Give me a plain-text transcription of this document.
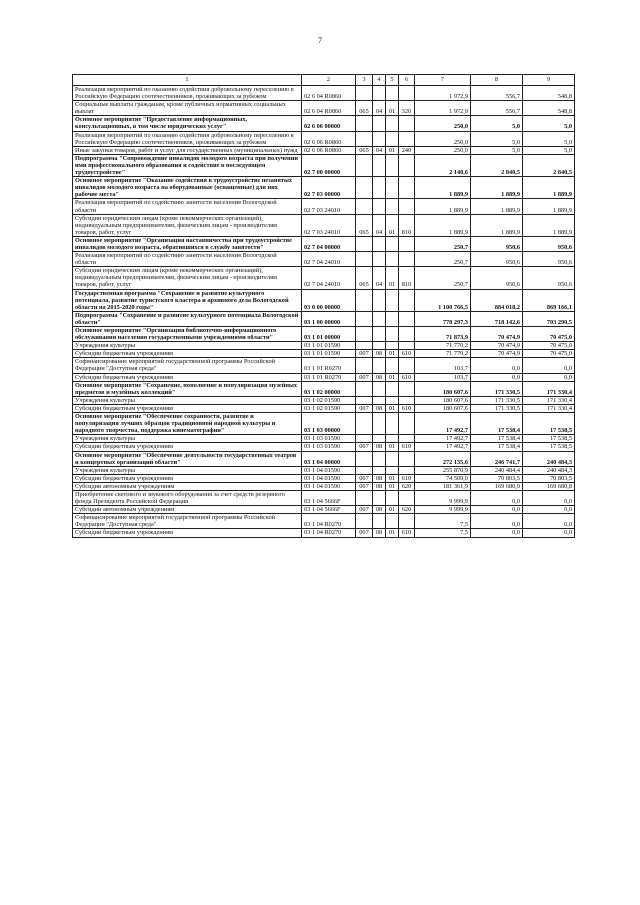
7
1	2	3	4	5	6	7	8	9
Реализация мероприятий по оказанию содействия добровольному переселению в Российскую Федерацию соотечественников, проживающих за рубежом	02 6 04 R0860					1 972,9	556,7	548,8
Социальные выплаты гражданам, кроме публичных нормативных социальных выплат	02 6 04 R0860	065	04	01	320	1 972,9	556,7	548,8
Основное мероприятие "Предоставление информационных, консультационных, в том числе юридических услуг"	02 6 06 00000					250,0	5,0	5,0
Реализация мероприятий по оказанию содействия добровольному переселению в Российскую Федерацию соотечественников, проживающих за рубежом	02 6 06 R0860					250,0	5,0	5,0
Иные закупки товаров, работ и услуг для государственных (муниципальных) нужд	02 6 06 R0860	065	04	01	240	250,0	5,0	5,0
Подпрограмма "Сопровождение инвалидов молодого возраста при получении ими профессионального образования и содействие в последующем трудоустройстве"	02 7 00 00000					2 140,6	2 840,5	2 840,5
Основное мероприятие "Оказание содействия в трудоустройстве незанятых инвалидов молодого возраста на оборудованные (оснащенные) для них рабочие места"	02 7 03 00000					1 889,9	1 889,9	1 889,9
Реализация мероприятий по содействию занятости населения Вологодской области	02 7 03 24010					1 889,9	1 889,9	1 889,9
Субсидии юридическим лицам (кроме некоммерческих организаций), индивидуальным предпринимателям, физическим лицам - производителям товаров, работ, услуг	02 7 03 24010	065	04	01	810	1 889,9	1 889,9	1 889,9
Основное мероприятие "Организация наставничества при трудоустройстве инвалидов молодого возраста, обратившихся в службу занятости"	02 7 04 00000					250,7	950,6	950,6
Реализация мероприятий по содействию занятости населения Вологодской области	02 7 04 24010					250,7	950,6	950,6
Субсидии юридическим лицам (кроме некоммерческих организаций), индивидуальным предпринимателям, физическим лицам - производителям товаров, работ, услуг	02 7 04 24010	065	04	01	810	250,7	950,6	950,6
Государственная программа "Сохранение и развитие культурного потенциала, развитие туристского кластера и архивного дела Вологодской области на 2015-2020 годы"	03 0 00 00000					1 100 766,5	884 018,2	869 166,1
Подпрограмма "Сохранение и развитие культурного потенциала Вологодской области"	03 1 00 00000					778 297,3	718 142,6	703 290,5
Основное мероприятие "Организация библиотечно-информационного обслуживания населения государственными учреждениями области"	03 1 01 00000					71 873,9	70 474,9	70 475,0
Учреждения культуры	03 1 01 01590					71 770,2	70 474,9	70 475,0
Субсидии бюджетным учреждениям	03 1 01 01590	007	08	01	610	71 770,2	70 474,9	70 475,0
Софинансирование мероприятий государственной программы Российской Федерации "Доступная среда"	03 1 01 R0270					103,7	0,0	0,0
Субсидии бюджетным учреждениям	03 1 01 R0270	007	08	01	610	103,7	0,0	0,0
Основное мероприятие "Сохранение, пополнение и популяризация музейных предметов и музейных коллекций"	03 1 02 00000					180 607,6	171 330,5	171 330,4
Учреждения культуры	03 1 02 01590					180 607,6	171 330,5	171 330,4
Субсидии бюджетным учреждениям	03 1 02 01590	007	08	01	610	180 607,6	171 330,5	171 330,4
Основное мероприятие "Обеспечение сохранности, развитие и популяризация лучших образцов традиционной народной культуры и народного творчества, поддержка кинематографии"	03 1 03 00000					17 492,7	17 538,4	17 538,5
Учреждения культуры	03 1 03 01590					17 492,7	17 538,4	17 538,5
Субсидии бюджетным учреждениям	03 1 03 01590	007	08	01	610	17 492,7	17 538,4	17 538,5
Основное мероприятие "Обеспечение деятельности государственных театров и концертных организаций области"	03 1 04 00000					272 135,6	246 741,7	240 484,3
Учреждения культуры	03 1 04 01590					255 870,9	240 484,4	240 484,3
Субсидии бюджетным учреждениям	03 1 04 01590	007	08	01	610	74 509,0	70 803,5	70 803,5
Субсидии автономным учреждениям	03 1 04 01590	007	08	01	620	181 361,9	169 680,9	169 680,8
Приобретение светового и звукового оборудования за счет средств резервного фонда Президента Российской Федерации	03 1 04 5666F					9 999,9	0,0	0,0
Субсидии автономным учреждениям	03 1 04 5666F	007	08	01	620	9 999,9	0,0	0,0
Софинансирование мероприятий государственной программы Российской Федерации "Доступная среда"	03 1 04 R0270					7,5	0,0	0,0
Субсидии бюджетным учреждениям	03 1 04 R0270	007	08	01	610	7,5	0,0	0,0
